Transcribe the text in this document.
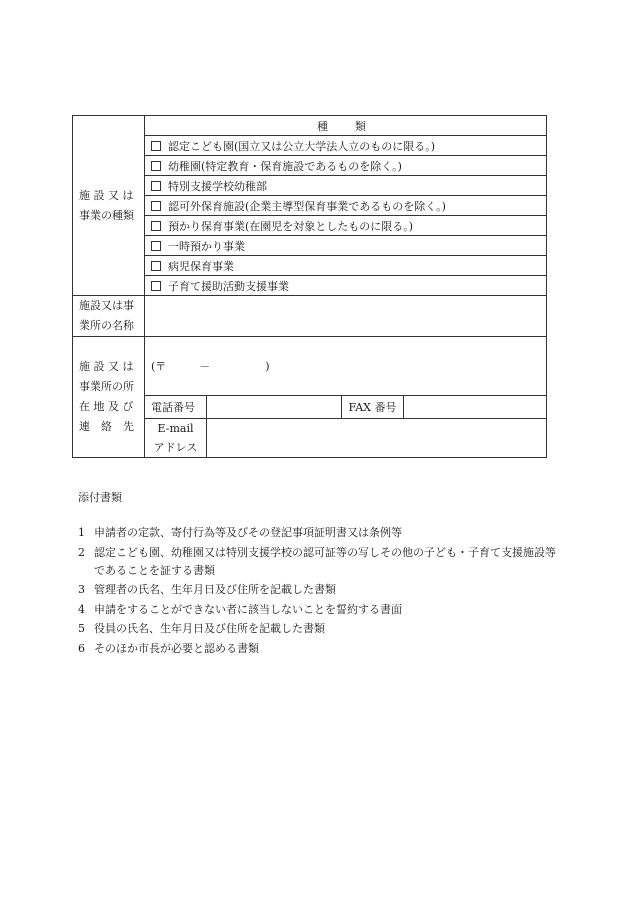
施 設 又 は
事業の種類	種　類			
	認定こども園(国立又は公立大学法人立のものに限る。)			
	幼稚園(特定教育・保育施設であるものを除く。)			
	特別支援学校幼稚部			
	認可外保育施設(企業主導型保育事業であるものを除く。)			
	預かり保育事業(在園児を対象としたものに限る。)			
	一時預かり事業			
	病児保育事業			
	子育て援助活動支援事業			

施設又は事
業所の名称				

施 設 又 は
事業所の所
在 地 及 び
連　絡　先	(〒　　　－　　　　　)			
	電話番号		FAX 番号	

	E-mail
アドレス			

添付書類
1 申請者の定款、寄付行為等及びその登記事項証明書又は条例等
2 認定こども園、幼稚園又は特別支援学校の認可証等の写しその他の子ども・子育て支援施設等であることを証する書類
3 管理者の氏名、生年月日及び住所を記載した書類
4 申請をすることができない者に該当しないことを誓約する書面
5 役員の氏名、生年月日及び住所を記載した書類
6 そのほか市長が必要と認める書類
